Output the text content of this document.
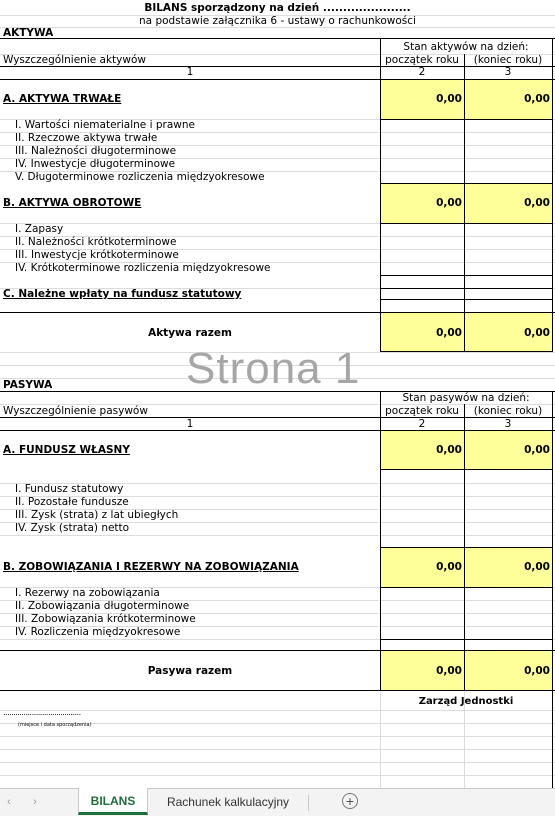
BILANS sporządzony na dzień ......................
na podstawie załącznika 6 - ustawy o rachunkowości
AKTYWA
Stan aktywów na dzień:
Wyszczególnienie aktywów	początek roku	(koniec roku)
1	2	3
A. AKTYWA TRWAŁE	0,00	0,00
I. Wartości niematerialne i prawne
II. Rzeczowe aktywa trwałe
III. Należności długoterminowe
IV. Inwestycje długoterminowe
V. Długoterminowe rozliczenia międzyokresowe
B. AKTYWA OBROTOWE	0,00	0,00
I. Zapasy
II. Należności krótkoterminowe
III. Inwestycje krótkoterminowe
IV. Krótkoterminowe rozliczenia międzyokresowe
C. Należne wpłaty na fundusz statutowy
Aktywa razem	0,00	0,00
Strona 1
PASYWA
Stan pasywów na dzień:
Wyszczególnienie pasywów	początek roku	(koniec roku)
1	2	3
A. FUNDUSZ WŁASNY	0,00	0,00
I. Fundusz statutowy
II. Pozostałe fundusze
III. Zysk (strata) z lat ubiegłych
IV. Zysk (strata) netto
B. ZOBOWIĄZANIA I REZERWY NA ZOBOWIĄZANIA	0,00	0,00
I. Rezerwy na zobowiązania
II. Zobowiązania długoterminowe
III. Zobowiązania krótkoterminowe
IV. Rozliczenia międzyokresowe
Pasywa razem	0,00	0,00
Zarząd Jednostki
......................................
(miejsce i data sporządzenia)
‹	›	BILANS	Rachunek kalkulacyjny	+
